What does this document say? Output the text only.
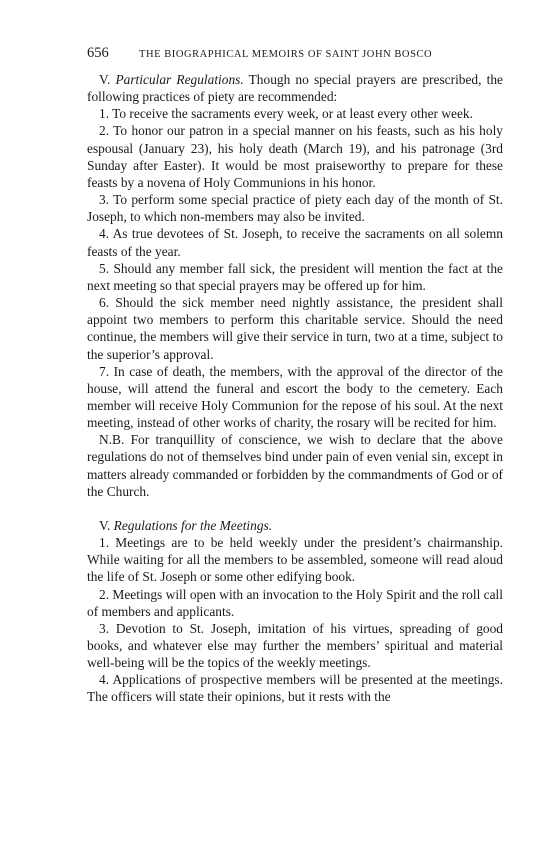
656	THE BIOGRAPHICAL MEMOIRS OF SAINT JOHN BOSCO

V. Particular Regulations. Though no special prayers are prescribed, the following practices of piety are recommended:

1. To receive the sacraments every week, or at least every other week.

2. To honor our patron in a special manner on his feasts, such as his holy espousal (January 23), his holy death (March 19), and his patronage (3rd Sunday after Easter). It would be most praiseworthy to prepare for these feasts by a novena of Holy Communions in his honor.

3. To perform some special practice of piety each day of the month of St. Joseph, to which non-members may also be invited.

4. As true devotees of St. Joseph, to receive the sacraments on all solemn feasts of the year.

5. Should any member fall sick, the president will mention the fact at the next meeting so that special prayers may be offered up for him.

6. Should the sick member need nightly assistance, the president shall appoint two members to perform this charitable service. Should the need continue, the members will give their service in turn, two at a time, subject to the superior’s approval.

7. In case of death, the members, with the approval of the director of the house, will attend the funeral and escort the body to the cemetery. Each member will receive Holy Communion for the repose of his soul. At the next meeting, instead of other works of charity, the rosary will be recited for him.

N.B. For tranquillity of conscience, we wish to declare that the above regulations do not of themselves bind under pain of even venial sin, except in matters already commanded or forbidden by the commandments of God or of the Church.

V. Regulations for the Meetings.

1. Meetings are to be held weekly under the president’s chairmanship. While waiting for all the members to be assembled, someone will read aloud the life of St. Joseph or some other edifying book.

2. Meetings will open with an invocation to the Holy Spirit and the roll call of members and applicants.

3. Devotion to St. Joseph, imitation of his virtues, spreading of good books, and whatever else may further the members’ spiritual and material well-being will be the topics of the weekly meetings.

4. Applications of prospective members will be presented at the meetings. The officers will state their opinions, but it rests with the
